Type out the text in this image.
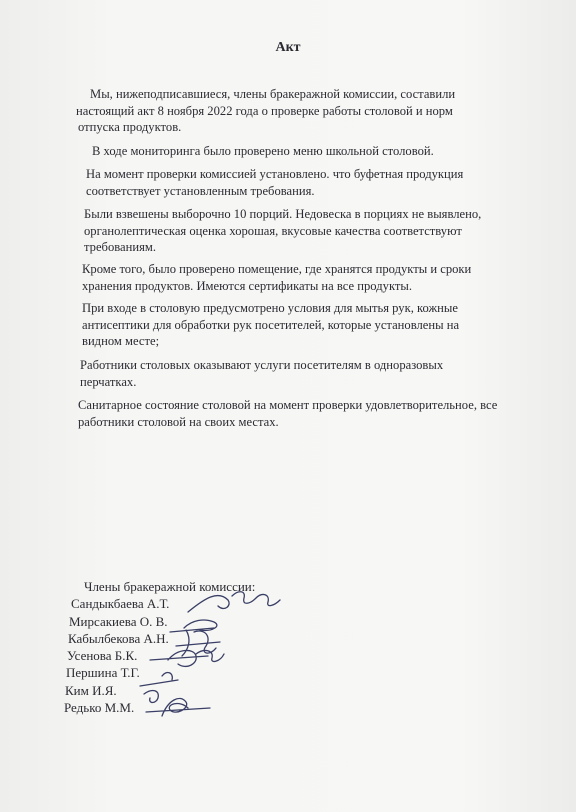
Акт
Мы, нижеподписавшиеся, члены бракеражной комиссии, составили
настоящий акт 8 ноября 2022 года о проверке работы столовой и норм
отпуска продуктов.
В ходе мониторинга было проверено меню школьной столовой.
На момент проверки комиссией установлено. что буфетная продукция
соответствует установленным требования.
Были взвешены выборочно 10 порций. Недовеска в порциях не выявлено,
органолептическая оценка хорошая, вкусовые качества соответствуют
требованиям.
Кроме того, было проверено помещение, где хранятся продукты и сроки
хранения продуктов. Имеются сертификаты на все продукты.
При входе в столовую предусмотрено условия для мытья рук, кожные
антисептики для обработки рук посетителей, которые установлены на
видном месте;
Работники столовых оказывают услуги посетителям в одноразовых
перчатках.
Санитарное состояние столовой на момент проверки удовлетворительное, все
работники столовой на своих местах.
Члены бракеражной комиссии:
Сандыкбаева А.Т.
Мирсакиева О. В.
Кабылбекова А.Н.
Усенова Б.К.
Першина Т.Г.
Ким И.Я.
Редько М.М.
